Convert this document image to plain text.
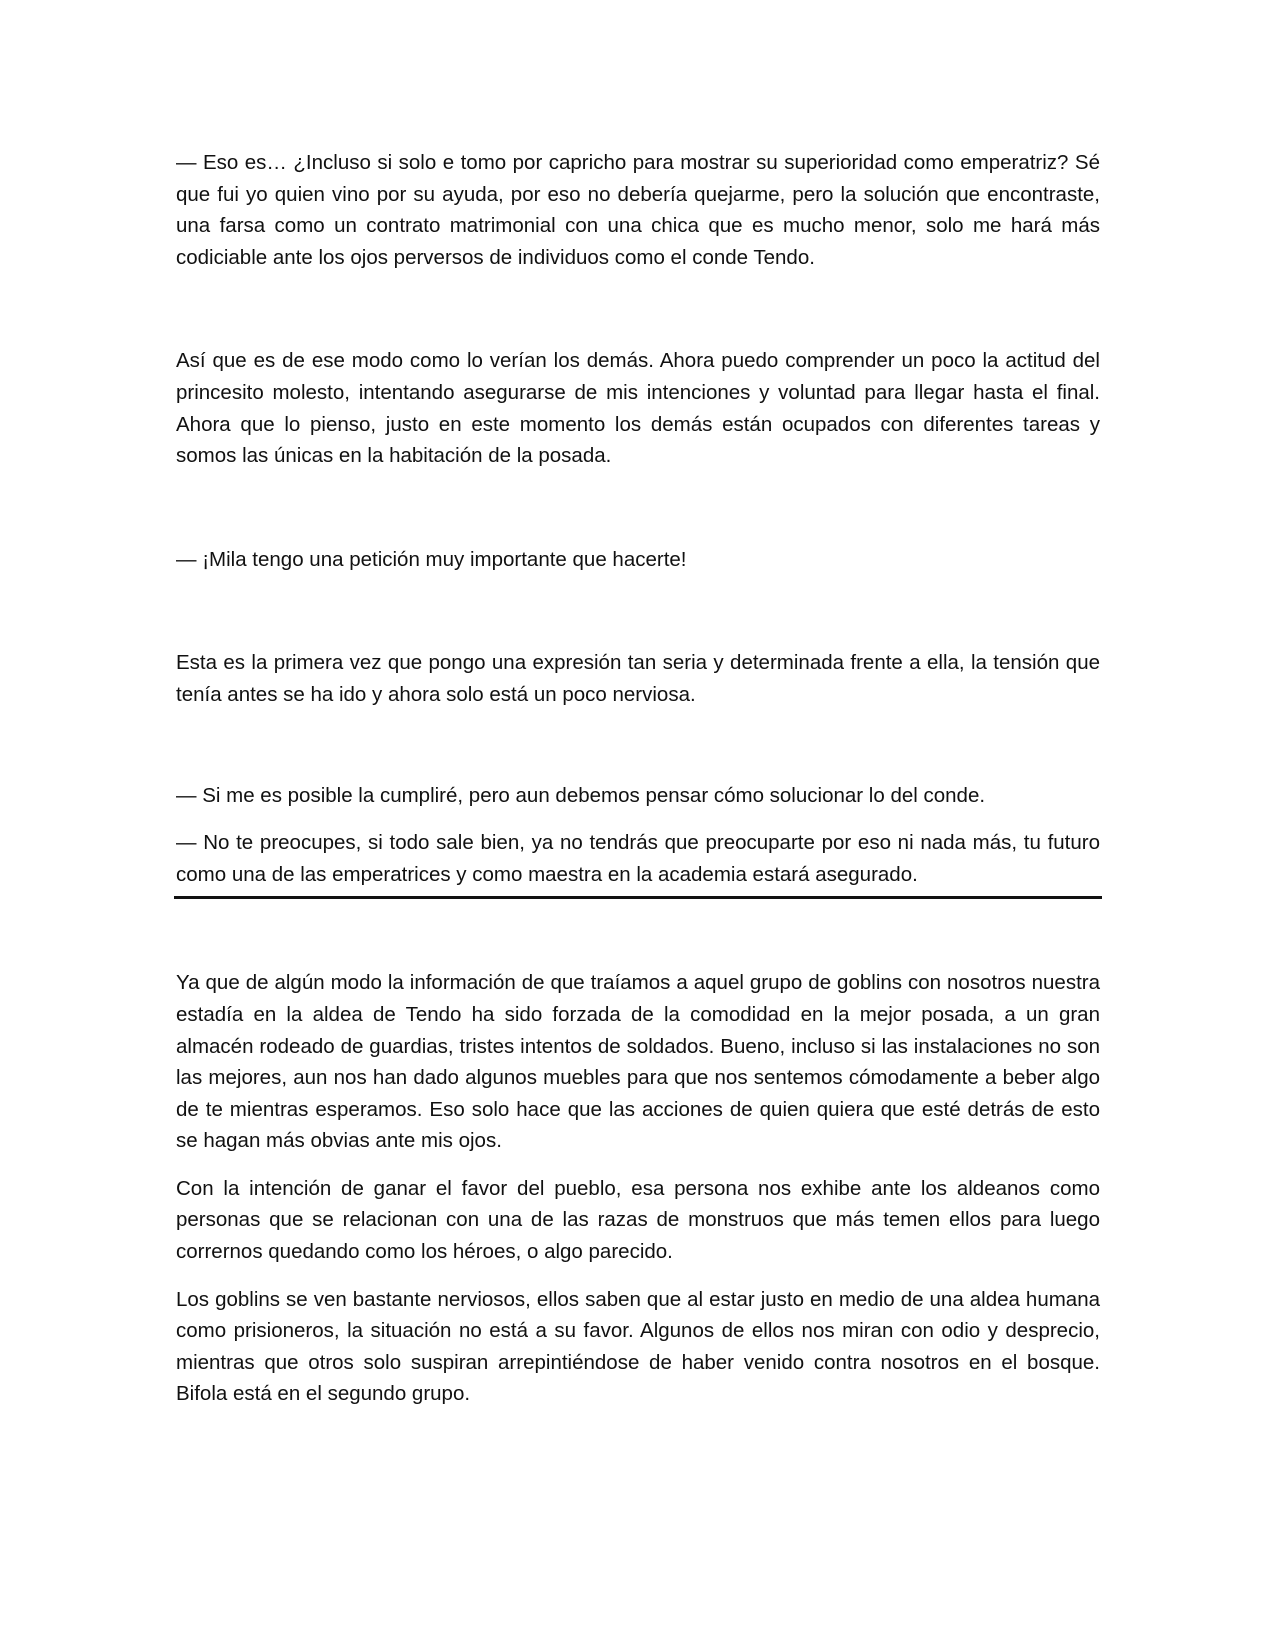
— Eso es… ¿Incluso si solo e tomo por capricho para mostrar su superioridad como emperatriz? Sé que fui yo quien vino por su ayuda, por eso no debería quejarme, pero la solución que encontraste, una farsa como un contrato matrimonial con una chica que es mucho menor, solo me hará más codiciable ante los ojos perversos de individuos como el conde Tendo.

Así que es de ese modo como lo verían los demás. Ahora puedo comprender un poco la actitud del princesito molesto, intentando asegurarse de mis intenciones y voluntad para llegar hasta el final. Ahora que lo pienso, justo en este momento los demás están ocupados con diferentes tareas y somos las únicas en la habitación de la posada.

— ¡Mila tengo una petición muy importante que hacerte!

Esta es la primera vez que pongo una expresión tan seria y determinada frente a ella, la tensión que tenía antes se ha ido y ahora solo está un poco nerviosa.

— Si me es posible la cumpliré, pero aun debemos pensar cómo solucionar lo del conde.

— No te preocupes, si todo sale bien, ya no tendrás que preocuparte por eso ni nada más, tu futuro como una de las emperatrices y como maestra en la academia estará asegurado.

Ya que de algún modo la información de que traíamos a aquel grupo de goblins con nosotros nuestra estadía en la aldea de Tendo ha sido forzada de la comodidad en la mejor posada, a un gran almacén rodeado de guardias, tristes intentos de soldados. Bueno, incluso si las instalaciones no son las mejores, aun nos han dado algunos muebles para que nos sentemos cómodamente a beber algo de te mientras esperamos. Eso solo hace que las acciones de quien quiera que esté detrás de esto se hagan más obvias ante mis ojos.

Con la intención de ganar el favor del pueblo, esa persona nos exhibe ante los aldeanos como personas que se relacionan con una de las razas de monstruos que más temen ellos para luego corrernos quedando como los héroes, o algo parecido.

Los goblins se ven bastante nerviosos, ellos saben que al estar justo en medio de una aldea humana como prisioneros, la situación no está a su favor. Algunos de ellos nos miran con odio y desprecio, mientras que otros solo suspiran arrepintiéndose de haber venido contra nosotros en el bosque. Bifola está en el segundo grupo.
